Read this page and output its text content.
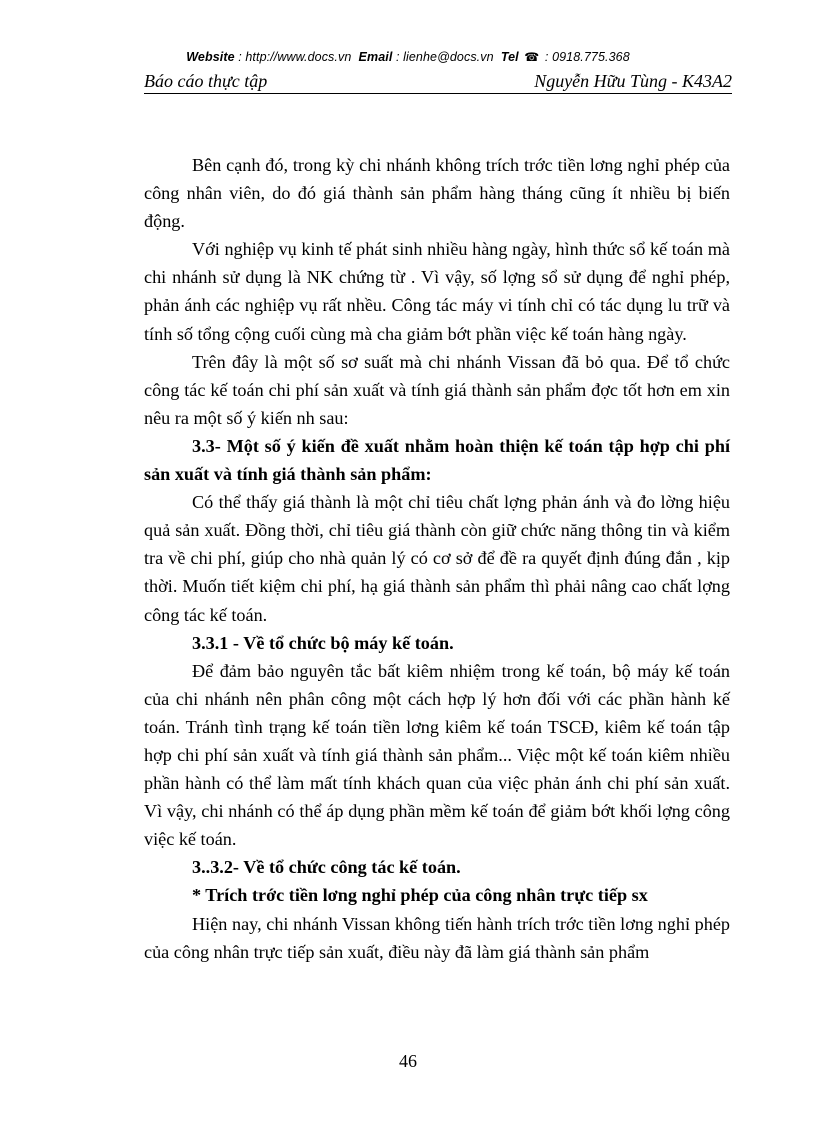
Website : http://www.docs.vn Email : lienhe@docs.vn Tel ☎ : 0918.775.368
Báo cáo thực tập	Nguyễn Hữu Tùng - K43A2

Bên cạnh đó, trong kỳ chi nhánh không trích trớc tiền lơng nghỉ phép của công nhân viên, do đó giá thành sản phẩm hàng tháng cũng ít nhiều bị biến động.

Với nghiệp vụ kinh tế phát sinh nhiều hàng ngày, hình thức sổ kế toán mà chi nhánh sử dụng là NK chứng từ . Vì vậy, số lợng sổ sử dụng để nghỉ phép, phản ánh các nghiệp vụ rất nhều. Công tác máy vi tính chỉ có tác dụng lu trữ và tính số tổng cộng cuối cùng mà cha giảm bớt phần việc kế toán hàng ngày.

Trên đây là một số sơ suất mà chi nhánh Vissan đã bỏ qua. Để tổ chức công tác kế toán chi phí sản xuất và tính giá thành sản phẩm đợc tốt hơn em xin nêu ra một số ý kiến nh sau:

3.3- Một số ý kiến đề xuất nhằm hoàn thiện kế toán tập hợp chi phí sản xuất và tính giá thành sản phẩm:

Có thể thấy giá thành là một chỉ tiêu chất lợng phản ánh và đo lờng hiệu quả sản xuất. Đồng thời, chỉ tiêu giá thành còn giữ chức năng thông tin và kiểm tra về chi phí, giúp cho nhà quản lý có cơ sở để đề ra quyết định đúng đắn , kịp thời. Muốn tiết kiệm chi phí, hạ giá thành sản phẩm thì phải nâng cao chất lợng công tác kế toán.

3.3.1 - Về tổ chức bộ máy kế toán.

Để đảm bảo nguyên tắc bất kiêm nhiệm trong kế toán, bộ máy kế toán của chi nhánh nên phân công một cách hợp lý hơn đối với các phần hành kế toán. Tránh tình trạng kế toán tiền lơng kiêm kế toán TSCĐ, kiêm kế toán tập hợp chi phí sản xuất và tính giá thành sản phẩm... Việc một kế toán kiêm nhiều phần hành có thể làm mất tính khách quan của việc phản ánh chi phí sản xuất. Vì vậy, chi nhánh có thể áp dụng phần mềm kế toán để giảm bớt khối lợng công việc kế toán.

3..3.2- Về tổ chức công tác kế toán.

* Trích trớc tiền lơng nghỉ phép của công nhân trực tiếp sx

Hiện nay, chi nhánh Vissan không tiến hành trích trớc tiền lơng nghỉ phép của công nhân trực tiếp sản xuất, điều này đã làm giá thành sản phẩm

46
